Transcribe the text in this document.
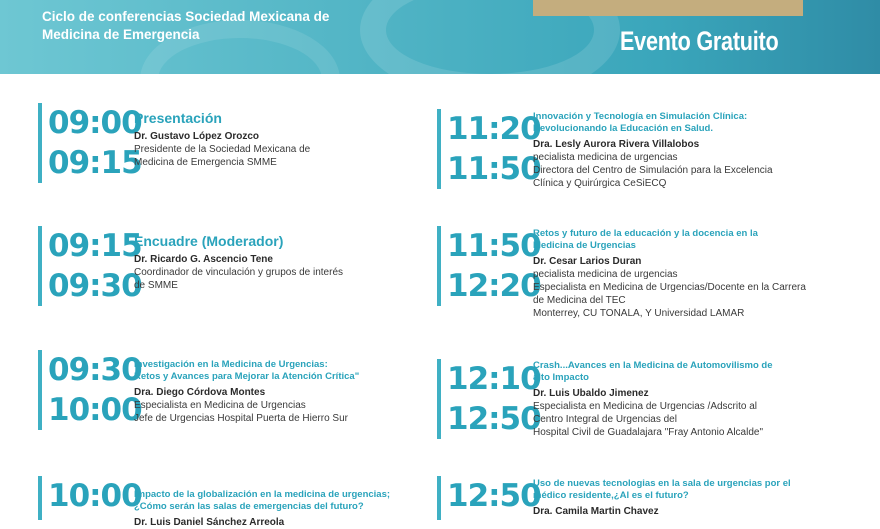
Ciclo de conferencias Sociedad Mexicana de
Medicina de Emergencia	Evento Gratuito
09:00
09:15
Presentación
Dr. Gustavo López Orozco
Presidente de la Sociedad Mexicana de
Medicina de Emergencia SMME
09:15
09:30
Encuadre (Moderador)
Dr. Ricardo G. Ascencio Tene
Coordinador de vinculación y grupos de interés
de SMME
09:30
10:00
Investigación en la Medicina de Urgencias:
Retos y Avances para Mejorar la Atención Crítica"
Dra. Diego Córdova Montes
Especialista en Medicina de Urgencias
Jefe de Urgencias Hospital Puerta de Hierro Sur
10:00
Impacto de la globalización en la medicina de urgencias;
¿Cómo serán las salas de emergencias del futuro?
Dr. Luis Daniel Sánchez Arreola
11:20
11:50
Innovación y Tecnología en Simulación Clínica:
Revolucionando la Educación en Salud.
Dra. Lesly Aurora Rivera Villalobos
pecialista medicina de urgencias
Directora del Centro de Simulación para la Excelencia
Clínica y Quirúrgica CeSiECQ
11:50
12:20
Retos y futuro de la educación y la docencia en la
Medicina de Urgencias
Dr. Cesar Larios Duran
pecialista medicina de urgencias
Especialista en Medicina de Urgencias/Docente en la Carrera
de Medicina del TEC
Monterrey, CU TONALA, Y Universidad LAMAR
12:10
12:50
Crash...Avances en la Medicina de Automovilismo de
alto Impacto
Dr. Luis Ubaldo Jimenez
Especialista en Medicina de Urgencias /Adscrito al
Centro Integral de Urgencias del
Hospital Civil de Guadalajara "Fray Antonio Alcalde"
12:50
Uso de nuevas tecnologias en la sala de urgencias por el
médico residente,¿Al es el futuro?
Dra. Camila Martin Chavez
